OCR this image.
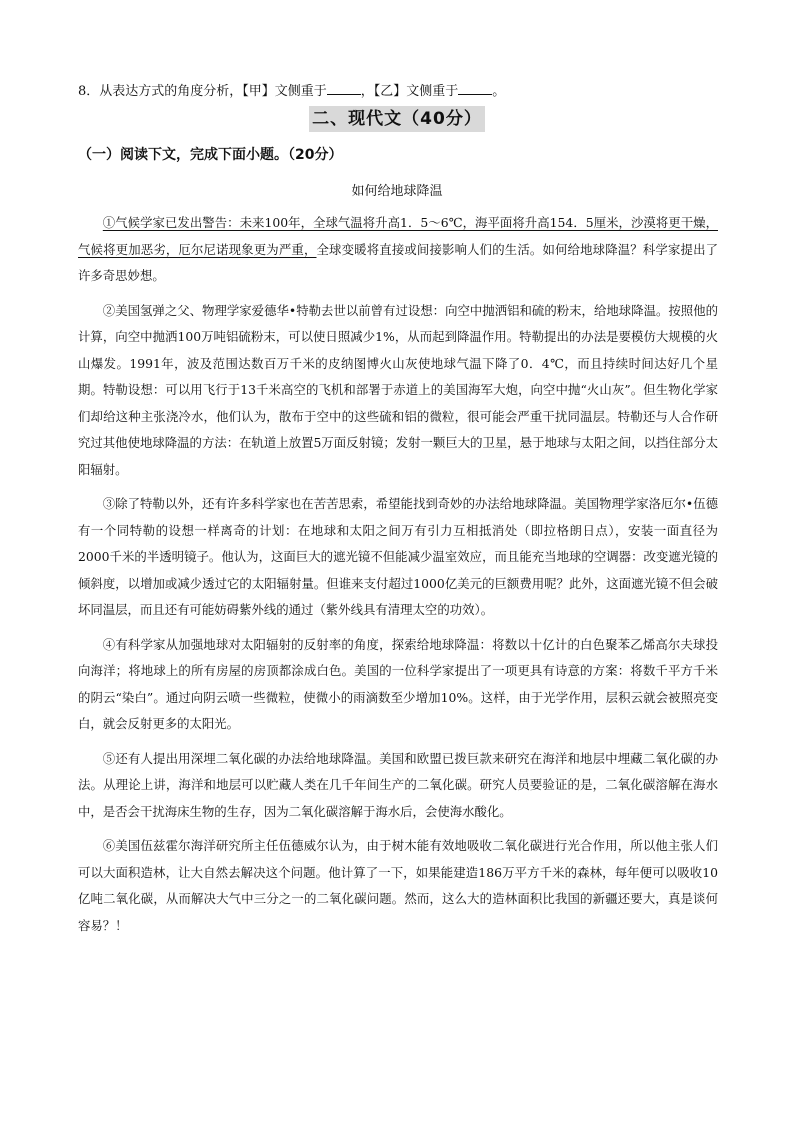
8．从表达方式的角度分析，【甲】文侧重于	，【乙】文侧重于	。
二、现代文（40分）
（一）阅读下文，完成下面小题。（20分）
如何给地球降温

①气候学家已发出警告：未来100年，全球气温将升高1．5～6℃，海平面将升高154．5厘米，沙漠将更干燥，气候将更加恶劣，厄尔尼诺现象更为严重，全球变暖将直接或间接影响人们的生活。如何给地球降温？科学家提出了许多奇思妙想。

②美国氢弹之父、物理学家爱德华•特勒去世以前曾有过设想：向空中抛洒铝和硫的粉末，给地球降温。按照他的计算，向空中抛洒100万吨铝硫粉末，可以使日照减少1%，从而起到降温作用。特勒提出的办法是要模仿大规模的火山爆发。1991年，波及范围达数百万千米的皮纳图博火山灰使地球气温下降了0．4℃，而且持续时间达好几个星期。特勒设想：可以用飞行于13千米高空的飞机和部署于赤道上的美国海军大炮，向空中抛“火山灰”。但生物化学家们却给这种主张浇冷水，他们认为，散布于空中的这些硫和铝的微粒，很可能会严重干扰同温层。特勒还与人合作研究过其他使地球降温的方法：在轨道上放置5万面反射镜；发射一颗巨大的卫星，悬于地球与太阳之间，以挡住部分太阳辐射。

③除了特勒以外，还有许多科学家也在苦苦思索，希望能找到奇妙的办法给地球降温。美国物理学家洛厄尔•伍德有一个同特勒的设想一样离奇的计划：在地球和太阳之间万有引力互相抵消处（即拉格朗日点），安装一面直径为2000千米的半透明镜子。他认为，这面巨大的遮光镜不但能减少温室效应，而且能充当地球的空调器：改变遮光镜的倾斜度，以增加或减少透过它的太阳辐射量。但谁来支付超过1000亿美元的巨额费用呢？此外，这面遮光镜不但会破坏同温层，而且还有可能妨碍紫外线的通过（紫外线具有清理太空的功效）。

④有科学家从加强地球对太阳辐射的反射率的角度，探索给地球降温：将数以十亿计的白色聚苯乙烯高尔夫球投向海洋；将地球上的所有房屋的房顶都涂成白色。美国的一位科学家提出了一项更具有诗意的方案：将数千平方千米的阴云“染白”。通过向阴云喷一些微粒，使微小的雨滴数至少增加10%。这样，由于光学作用，层积云就会被照亮变白，就会反射更多的太阳光。

⑤还有人提出用深埋二氧化碳的办法给地球降温。美国和欧盟已拨巨款来研究在海洋和地层中埋藏二氧化碳的办法。从理论上讲，海洋和地层可以贮藏人类在几千年间生产的二氧化碳。研究人员要验证的是，二氧化碳溶解在海水中，是否会干扰海床生物的生存，因为二氧化碳溶解于海水后，会使海水酸化。

⑥美国伍兹霍尔海洋研究所主任伍德威尔认为，由于树木能有效地吸收二氧化碳进行光合作用，所以他主张人们可以大面积造林，让大自然去解决这个问题。他计算了一下，如果能建造186万平方千米的森林，每年便可以吸收10亿吨二氧化碳，从而解决大气中三分之一的二氧化碳问题。然而，这么大的造林面积比我国的新疆还要大，真是谈何容易？！
